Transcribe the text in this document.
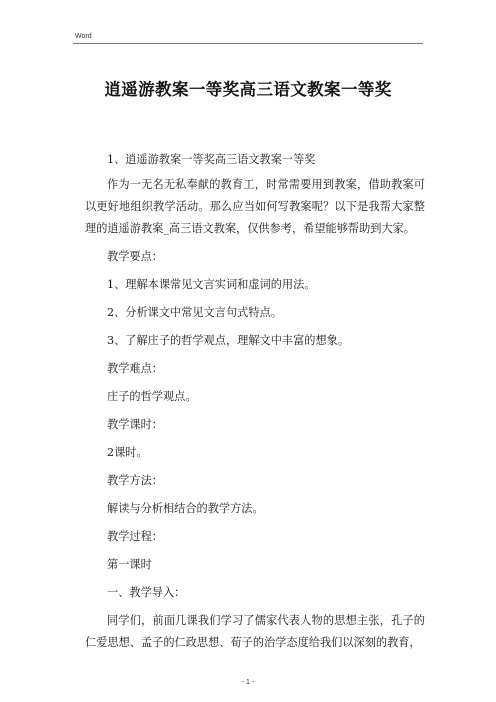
Word
逍遥游教案一等奖高三语文教案一等奖

1、逍遥游教案一等奖高三语文教案一等奖

作为一无名无私奉献的教育工，时常需要用到教案，借助教案可以更好地组织教学活动。那么应当如何写教案呢？以下是我帮大家整理的逍遥游教案_高三语文教案，仅供参考，希望能够帮助到大家。

教学要点：

1、理解本课常见文言实词和虚词的用法。

2、分析课文中常见文言句式特点。

3、了解庄子的哲学观点，理解文中丰富的想象。

教学难点：

庄子的哲学观点。

教学课时：

2课时。

教学方法：

解读与分析相结合的教学方法。

教学过程：

第一课时

一、教学导入：

同学们，前面几课我们学习了儒家代表人物的思想主张，孔子的仁爱思想、孟子的仁政思想、荀子的治学态度给我们以深刻的教育，

- 1 -
